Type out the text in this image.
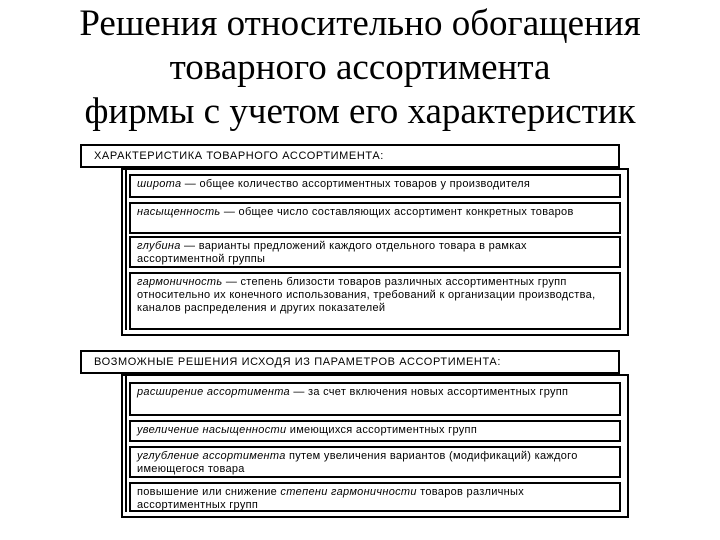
Решения относительно обогащения
товарного ассортимента
фирмы с учетом его характеристик
ХАРАКТЕРИСТИКА ТОВАРНОГО АССОРТИМЕНТА:
широта — общее количество ассортиментных товаров у производителя
насыщенность — общее число составляющих ассортимент конкретных товаров
глубина — варианты предложений каждого отдельного товара в рамках ассортиментной группы
гармоничность — степень близости товаров различных ассортиментных групп относительно их конечного использования, требований к организации производства, каналов распределения и других показателей
ВОЗМОЖНЫЕ РЕШЕНИЯ ИСХОДЯ ИЗ ПАРАМЕТРОВ АССОРТИМЕНТА:
расширение ассортимента — за счет включения новых ассортиментных групп
увеличение насыщенности имеющихся ассортиментных групп
углубление ассортимента путем увеличения вариантов (модификаций) каждого имеющегося товара
повышение или снижение степени гармоничности товаров различных ассортиментных групп
